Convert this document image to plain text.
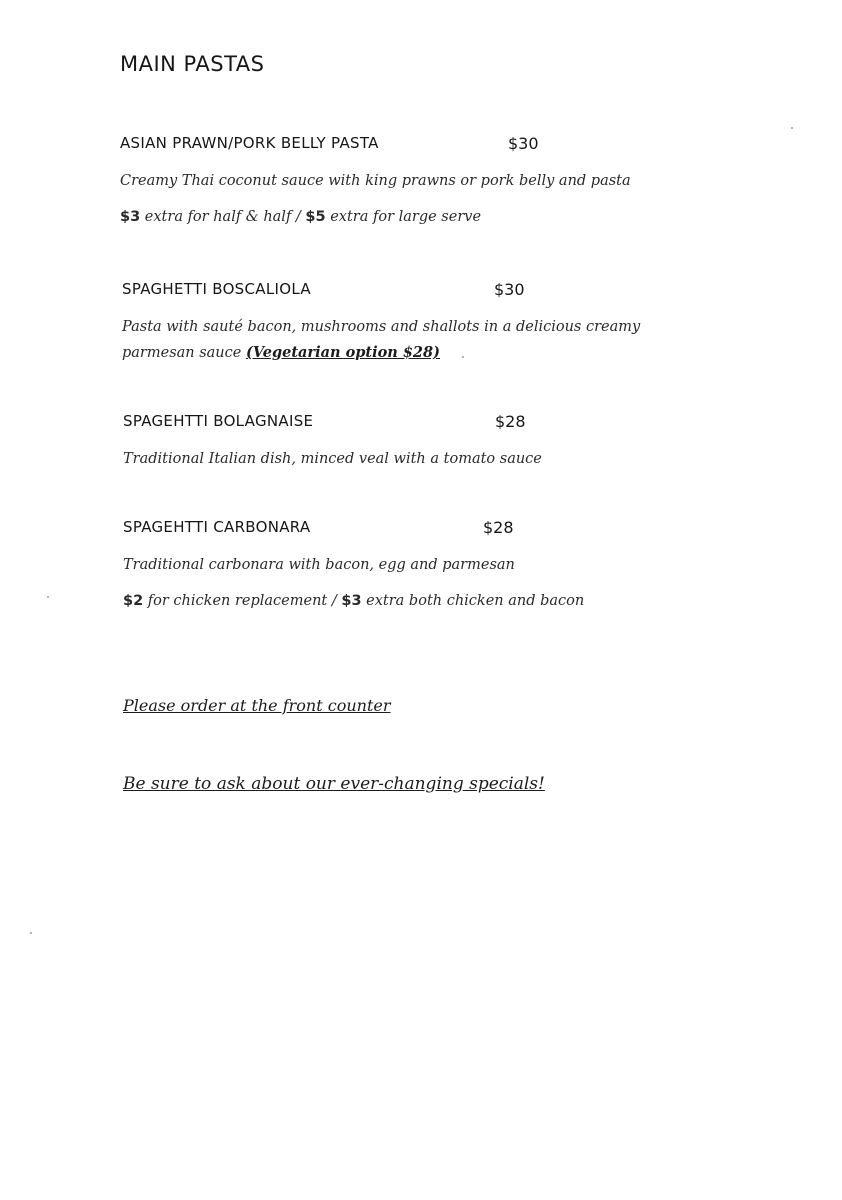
MAIN PASTAS
ASIAN PRAWN/PORK BELLY PASTA	$30
Creamy Thai coconut sauce with king prawns or pork belly and pasta
$3 extra for half & half / $5 extra for large serve
SPAGHETTI BOSCALIOLA	$30
Pasta with sauté bacon, mushrooms and shallots in a delicious creamy parmesan sauce (Vegetarian option $28)
SPAGEHTTI BOLAGNAISE	$28
Traditional Italian dish, minced veal with a tomato sauce
SPAGEHTTI CARBONARA	$28
Traditional carbonara with bacon, egg and parmesan
$2 for chicken replacement / $3 extra both chicken and bacon
Please order at the front counter
Be sure to ask about our ever-changing specials!
